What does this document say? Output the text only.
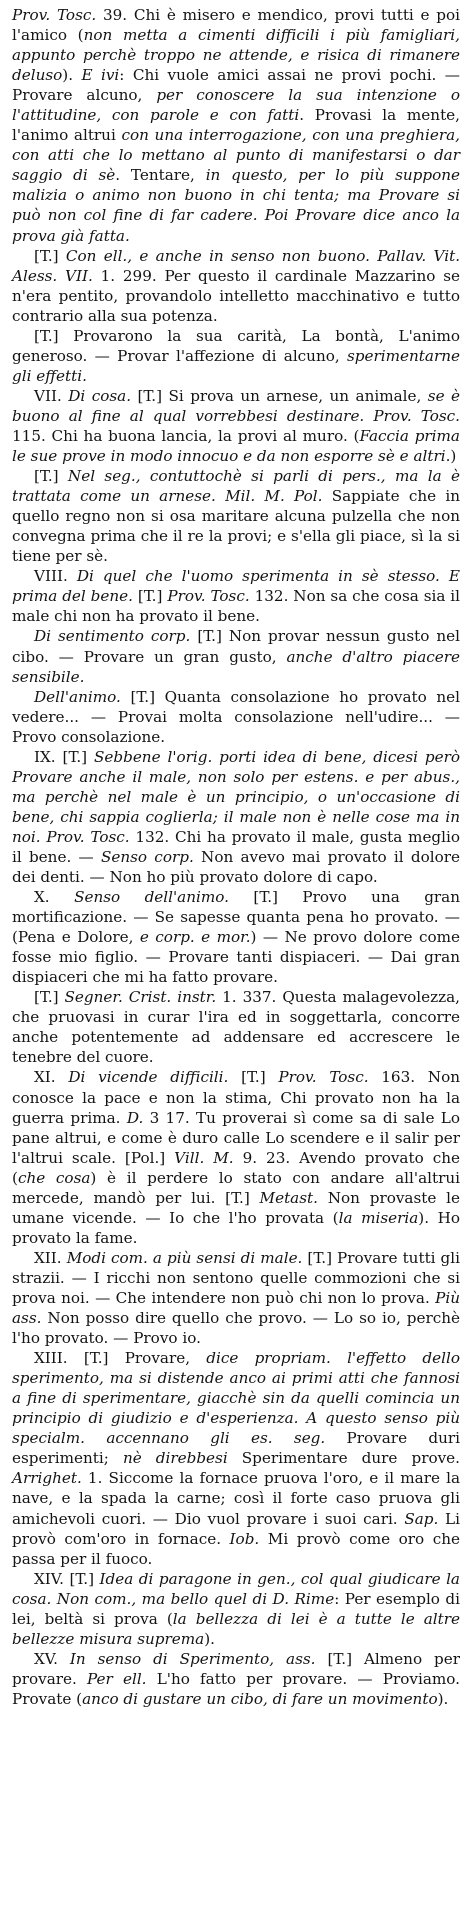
Prov. Tosc. 39. Chi è misero e mendico, provi tutti e poi l'amico (non metta a cimenti difficili i più famigliari, appunto perchè troppo ne attende, e risica di rimanere deluso). E ivi: Chi vuole amici assai ne provi pochi. — Provare alcuno, per conoscere la sua intenzione o l'attitudine, con parole e con fatti. Provasi la mente, l'animo altrui con una interrogazione, con una preghiera, con atti che lo mettano al punto di manifestarsi o dar saggio di sè. Tentare, in questo, per lo più suppone malizia o animo non buono in chi tenta; ma Provare si può non col fine di far cadere. Poi Provare dice anco la prova già fatta.

[T.] Con ell., e anche in senso non buono. Pallav. Vit. Aless. VII. 1. 299. Per questo il cardinale Mazzarino se n'era pentito, provandolo intelletto macchinativo e tutto contrario alla sua potenza.

[T.] Provarono la sua carità, La bontà, L'animo generoso. — Provar l'affezione di alcuno, sperimentarne gli effetti.

VII. Di cosa. [T.] Si prova un arnese, un animale, se è buono al fine al qual vorrebbesi destinare. Prov. Tosc. 115. Chi ha buona lancia, la provi al muro. (Faccia prima le sue prove in modo innocuo e da non esporre sè e altri.)

[T.] Nel seg., contuttochè si parli di pers., ma la è trattata come un arnese. Mil. M. Pol. Sappiate che in quello regno non si osa maritare alcuna pulzella che non convegna prima che il re la provi; e s'ella gli piace, sì la si tiene per sè.

VIII. Di quel che l'uomo sperimenta in sè stesso. E prima del bene. [T.] Prov. Tosc. 132. Non sa che cosa sia il male chi non ha provato il bene.

Di sentimento corp. [T.] Non provar nessun gusto nel cibo. — Provare un gran gusto, anche d'altro piacere sensibile.

Dell'animo. [T.] Quanta consolazione ho provato nel vedere... — Provai molta consolazione nell'udire... — Provo consolazione.

IX. [T.] Sebbene l'orig. porti idea di bene, dicesi però Provare anche il male, non solo per estens. e per abus., ma perchè nel male è un principio, o un'occasione di bene, chi sappia coglierla; il male non è nelle cose ma in noi. Prov. Tosc. 132. Chi ha provato il male, gusta meglio il bene. — Senso corp. Non avevo mai provato il dolore dei denti. — Non ho più provato dolore di capo.

X. Senso dell'animo. [T.] Provo una gran mortificazione. — Se sapesse quanta pena ho provato. — (Pena e Dolore, e corp. e mor.) — Ne provo dolore come fosse mio figlio. — Provare tanti dispiaceri. — Dai gran dispiaceri che mi ha fatto provare.

[T.] Segner. Crist. instr. 1. 337. Questa malagevolezza, che pruovasi in curar l'ira ed in soggettarla, concorre anche potentemente ad addensare ed accrescere le tenebre del cuore.

XI. Di vicende difficili. [T.] Prov. Tosc. 163. Non conosce la pace e non la stima, Chi provato non ha la guerra prima. D. 3 17. Tu proverai sì come sa di sale Lo pane altrui, e come è duro calle Lo scendere e il salir per l'altrui scale. [Pol.] Vill. M. 9. 23. Avendo provato che (che cosa) è il perdere lo stato con andare all'altrui mercede, mandò per lui. [T.] Metast. Non provaste le umane vicende. — Io che l'ho provata (la miseria). Ho provato la fame.

XII. Modi com. a più sensi di male. [T.] Provare tutti gli strazii. — I ricchi non sentono quelle commozioni che si prova noi. — Che intendere non può chi non lo prova. Più ass. Non posso dire quello che provo. — Lo so io, perchè l'ho provato. — Provo io.

XIII. [T.] Provare, dice propriam. l'effetto dello sperimento, ma si distende anco ai primi atti che fannosi a fine di sperimentare, giacchè sin da quelli comincia un principio di giudizio e d'esperienza. A questo senso più specialm. accennano gli es. seg. Provare duri esperimenti; nè direbbesi Sperimentare dure prove. Arrighet. 1. Siccome la fornace pruova l'oro, e il mare la nave, e la spada la carne; così il forte caso pruova gli amichevoli cuori. — Dio vuol provare i suoi cari. Sap. Li provò com'oro in fornace. Iob. Mi provò come oro che passa per il fuoco.

XIV. [T.] Idea di paragone in gen., col qual giudicare la cosa. Non com., ma bello quel di D. Rime: Per esemplo di lei, beltà si prova (la bellezza di lei è a tutte le altre bellezze misura suprema).

XV. In senso di Sperimento, ass. [T.] Almeno per provare. Per ell. L'ho fatto per provare. — Proviamo. Provate (anco di gustare un cibo, di fare un movimento).
